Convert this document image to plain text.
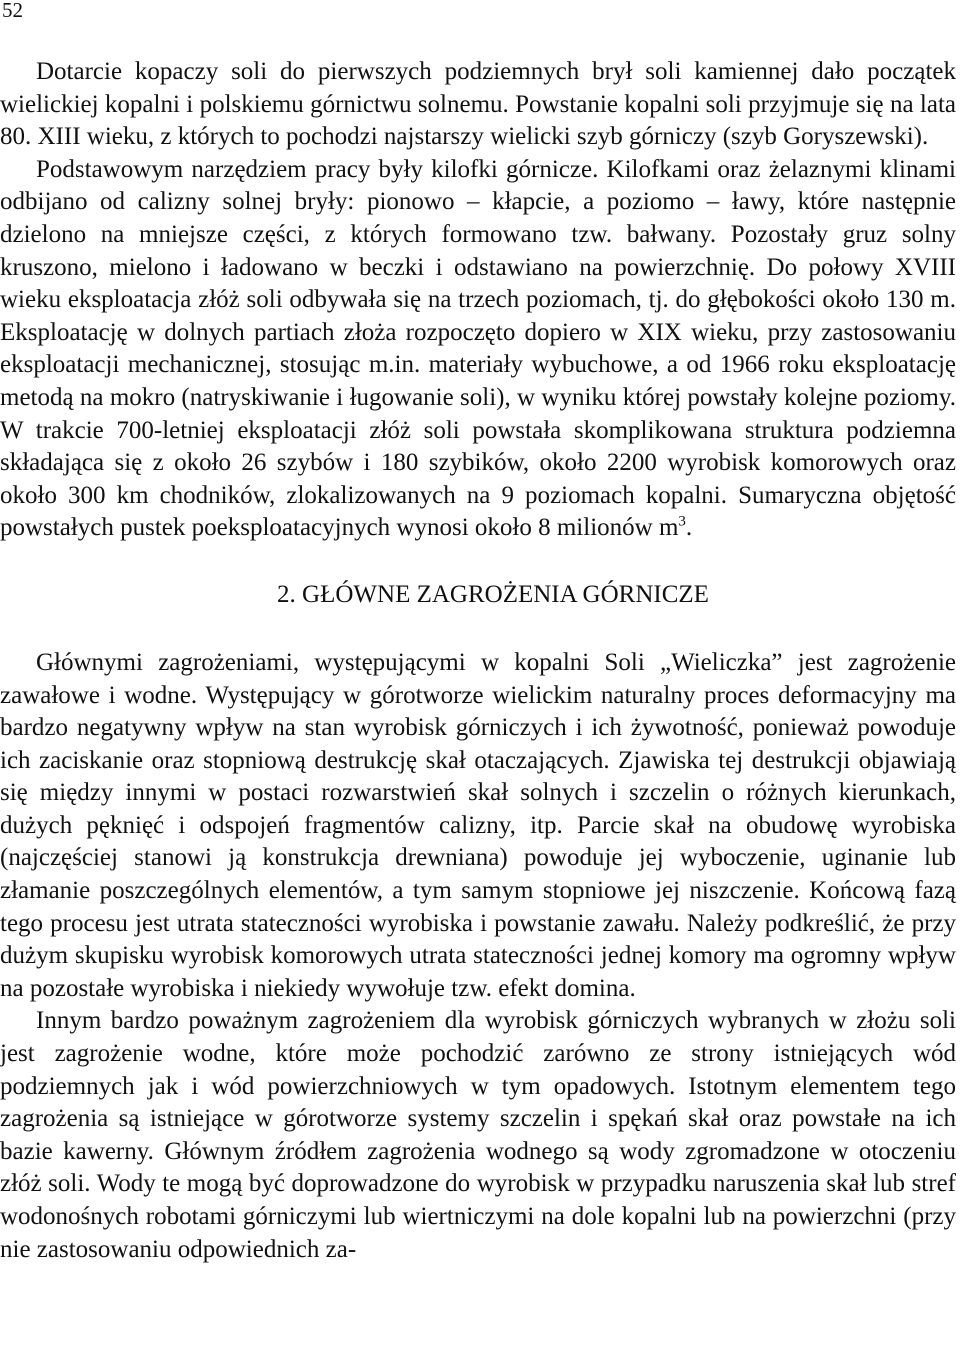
52

Dotarcie kopaczy soli do pierwszych podziemnych brył soli kamiennej dało początek wielickiej kopalni i polskiemu górnictwu solnemu. Powstanie kopalni soli przyjmuje się na lata 80. XIII wieku, z których to pochodzi najstarszy wielicki szyb górniczy (szyb Goryszewski).

Podstawowym narzędziem pracy były kilofki górnicze. Kilofkami oraz żelaznymi klinami odbijano od calizny solnej bryły: pionowo – kłapcie, a poziomo – ławy, które następnie dzielono na mniejsze części, z których formowano tzw. bałwany. Pozostały gruz solny kruszono, mielono i ładowano w beczki i odstawiano na powierzchnię. Do połowy XVIII wieku eksploatacja złóż soli odbywała się na trzech poziomach, tj. do głębokości około 130 m. Eksploatację w dolnych partiach złoża rozpoczęto dopiero w XIX wieku, przy zastosowaniu eksploatacji mechanicznej, stosując m.in. materiały wybuchowe, a od 1966 roku eksploatację metodą na mokro (natryskiwanie i ługowanie soli), w wyniku której powstały kolejne poziomy. W trakcie 700-letniej eksploatacji złóż soli powstała skomplikowana struktura podziemna składająca się z około 26 szybów i 180 szybików, około 2200 wyrobisk komorowych oraz około 300 km chodników, zlokalizowanych na 9 poziomach kopalni. Sumaryczna objętość powstałych pustek poeksploatacyjnych wynosi około 8 milionów $m^3$.

2. GŁÓWNE ZAGROŻENIA GÓRNICZE

Głównymi zagrożeniami, występującymi w kopalni Soli „Wieliczka” jest zagrożenie zawałowe i wodne. Występujący w górotworze wielickim naturalny proces deformacyjny ma bardzo negatywny wpływ na stan wyrobisk górniczych i ich żywotność, ponieważ powoduje ich zaciskanie oraz stopniową destrukcję skał otaczających. Zjawiska tej destrukcji objawiają się między innymi w postaci rozwarstwień skał solnych i szczelin o różnych kierunkach, dużych pęknięć i odspojeń fragmentów calizny, itp. Parcie skał na obudowę wyrobiska (najczęściej stanowi ją konstrukcja drewniana) powoduje jej wyboczenie, uginanie lub złamanie poszczególnych elementów, a tym samym stopniowe jej niszczenie. Końcową fazą tego procesu jest utrata stateczności wyrobiska i powstanie zawału. Należy podkreślić, że przy dużym skupisku wyrobisk komorowych utrata stateczności jednej komory ma ogromny wpływ na pozostałe wyrobiska i niekiedy wywołuje tzw. efekt domina.

Innym bardzo poważnym zagrożeniem dla wyrobisk górniczych wybranych w złożu soli jest zagrożenie wodne, które może pochodzić zarówno ze strony istniejących wód podziemnych jak i wód powierzchniowych w tym opadowych. Istotnym elementem tego zagrożenia są istniejące w górotworze systemy szczelin i spękań skał oraz powstałe na ich bazie kawerny. Głównym źródłem zagrożenia wodnego są wody zgromadzone w otoczeniu złóż soli. Wody te mogą być doprowadzone do wyrobisk w przypadku naruszenia skał lub stref wodonośnych robotami górniczymi lub wiertniczymi na dole kopalni lub na powierzchni (przy nie zastosowaniu odpowiednich za-
